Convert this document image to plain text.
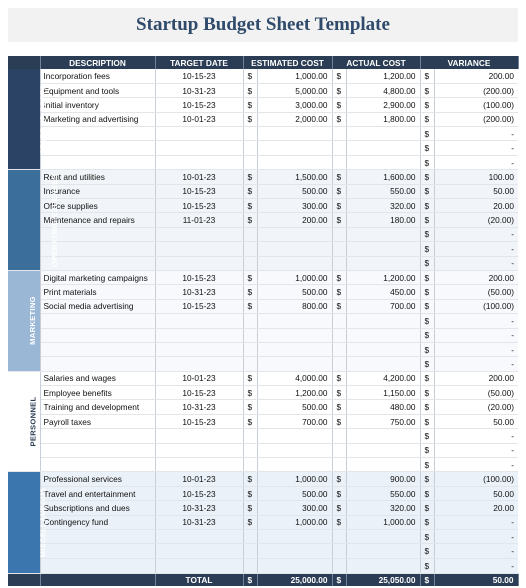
Startup Budget Sheet Template
	DESCRIPTION	TARGET DATE	ESTIMATED COST		ACTUAL COST		VARIANCE	
START UP COSTS	Incorporation fees	10-15-23	$	1,000.00	$	1,200.00	$	200.00
	Equipment and tools	10-31-23	$	5,000.00	$	4,800.00	$	(200.00)
	Initial inventory	10-15-23	$	3,000.00	$	2,900.00	$	(100.00)
	Marketing and advertising	10-01-23	$	2,000.00	$	1,800.00	$	(200.00)
							$	-
							$	-
							$	-
OPERATING EXPENSES	Rent and utilities	10-01-23	$	1,500.00	$	1,600.00	$	100.00
	Insurance	10-15-23	$	500.00	$	550.00	$	50.00
	Office supplies	10-15-23	$	300.00	$	320.00	$	20.00
	Maintenance and repairs	11-01-23	$	200.00	$	180.00	$	(20.00)
							$	-
							$	-
							$	-
MARKETING	Digital marketing campaigns	10-15-23	$	1,000.00	$	1,200.00	$	200.00
	Print materials	10-31-23	$	500.00	$	450.00	$	(50.00)
	Social media advertising	10-15-23	$	800.00	$	700.00	$	(100.00)
							$	-
							$	-
							$	-
							$	-
PERSONNEL	Salaries and wages	10-01-23	$	4,000.00	$	4,200.00	$	200.00
	Employee benefits	10-15-23	$	1,200.00	$	1,150.00	$	(50.00)
	Training and development	10-31-23	$	500.00	$	480.00	$	(20.00)
	Payroll taxes	10-15-23	$	700.00	$	750.00	$	50.00
							$	-
							$	-
							$	-
MISCELLANEOUS	Professional services	10-01-23	$	1,000.00	$	900.00	$	(100.00)
	Travel and entertainment	10-15-23	$	500.00	$	550.00	$	50.00
	Subscriptions and dues	10-31-23	$	300.00	$	320.00	$	20.00
	Contingency fund	10-31-23	$	1,000.00	$	1,000.00	$	-
							$	-
							$	-
							$	-
		TOTAL	$	25,000.00	$	25,050.00	$	50.00
